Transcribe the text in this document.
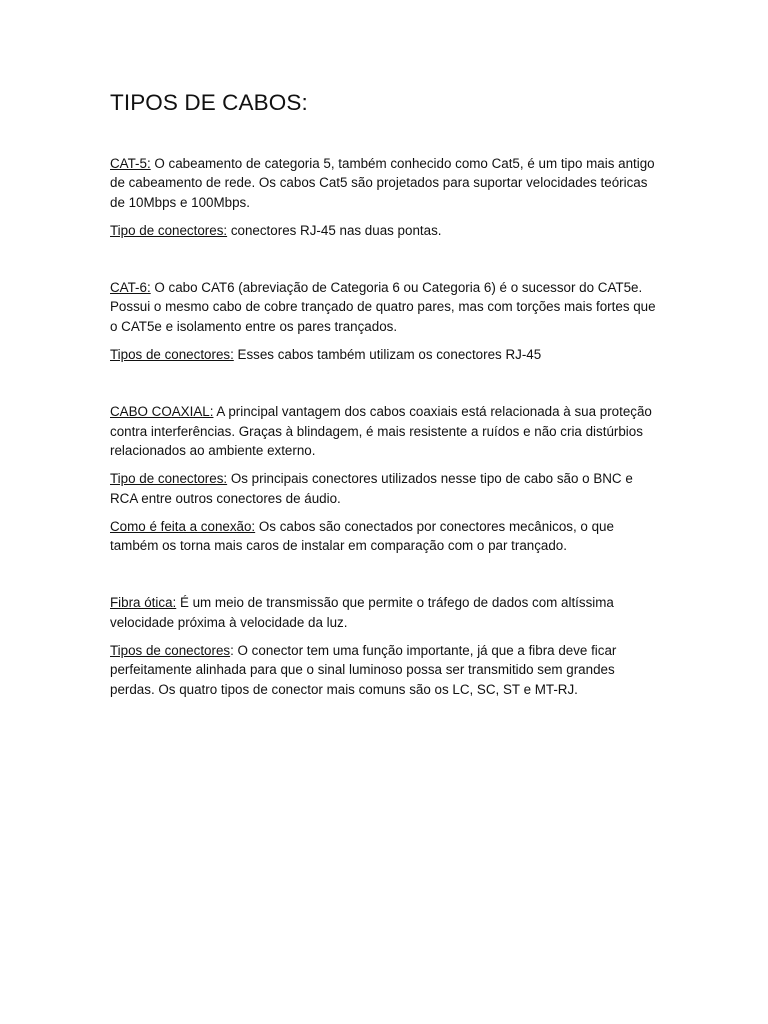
TIPOS DE CABOS:

CAT-5: O cabeamento de categoria 5, também conhecido como Cat5, é um tipo mais antigo de cabeamento de rede. Os cabos Cat5 são projetados para suportar velocidades teóricas de 10Mbps e 100Mbps.

Tipo de conectores: conectores RJ-45 nas duas pontas.

CAT-6: O cabo CAT6 (abreviação de Categoria 6 ou Categoria 6) é o sucessor do CAT5e. Possui o mesmo cabo de cobre trançado de quatro pares, mas com torções mais fortes que o CAT5e e isolamento entre os pares trançados.

Tipos de conectores: Esses cabos também utilizam os conectores RJ-45

CABO COAXIAL: A principal vantagem dos cabos coaxiais está relacionada à sua proteção contra interferências. Graças à blindagem, é mais resistente a ruídos e não cria distúrbios relacionados ao ambiente externo.

Tipo de conectores: Os principais conectores utilizados nesse tipo de cabo são o BNC e RCA entre outros conectores de áudio.

Como é feita a conexão: Os cabos são conectados por conectores mecânicos, o que também os torna mais caros de instalar em comparação com o par trançado.

Fibra ótica: É um meio de transmissão que permite o tráfego de dados com altíssima velocidade próxima à velocidade da luz.

Tipos de conectores: O conector tem uma função importante, já que a fibra deve ficar perfeitamente alinhada para que o sinal luminoso possa ser transmitido sem grandes perdas. Os quatro tipos de conector mais comuns são os LC, SC, ST e MT-RJ.
